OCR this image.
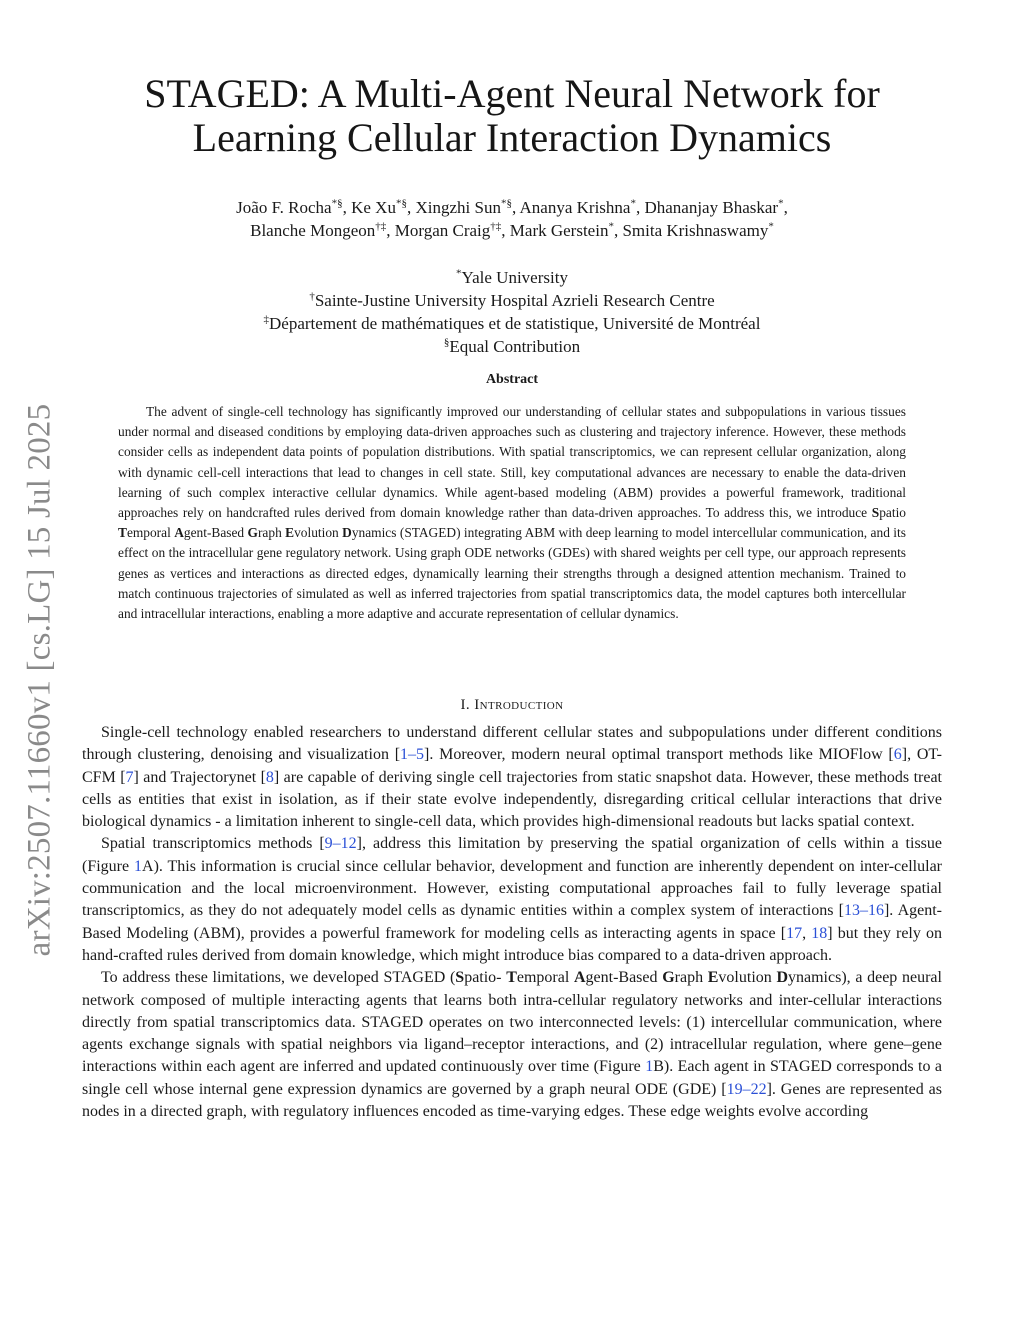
arXiv:2507.11660v1 [cs.LG] 15 Jul 2025
STAGED: A Multi-Agent Neural Network for
Learning Cellular Interaction Dynamics
João F. Rocha*§, Ke Xu*§, Xingzhi Sun*§, Ananya Krishna*, Dhananjay Bhaskar*,
Blanche Mongeon†‡, Morgan Craig†‡, Mark Gerstein*, Smita Krishnaswamy*
*Yale University
†Sainte-Justine University Hospital Azrieli Research Centre
‡Département de mathématiques et de statistique, Université de Montréal
§Equal Contribution
Abstract

The advent of single-cell technology has significantly improved our understanding of cellular states and subpopulations in various tissues under normal and diseased conditions by employing data-driven approaches such as clustering and trajectory inference. However, these methods consider cells as independent data points of population distributions. With spatial transcriptomics, we can represent cellular organization, along with dynamic cell-cell interactions that lead to changes in cell state. Still, key computational advances are necessary to enable the data-driven learning of such complex interactive cellular dynamics. While agent-based modeling (ABM) provides a powerful framework, traditional approaches rely on handcrafted rules derived from domain knowledge rather than data-driven approaches. To address this, we introduce Spatio Temporal Agent-Based Graph Evolution Dynamics (STAGED) integrating ABM with deep learning to model intercellular communication, and its effect on the intracellular gene regulatory network. Using graph ODE networks (GDEs) with shared weights per cell type, our approach represents genes as vertices and interactions as directed edges, dynamically learning their strengths through a designed attention mechanism. Trained to match continuous trajectories of simulated as well as inferred trajectories from spatial transcriptomics data, the model captures both intercellular and intracellular interactions, enabling a more adaptive and accurate representation of cellular dynamics.

I. Introduction

Single-cell technology enabled researchers to understand different cellular states and subpopulations under different conditions through clustering, denoising and visualization [1–5]. Moreover, modern neural optimal transport methods like MIOFlow [6], OT-CFM [7] and Trajectorynet [8] are capable of deriving single cell trajectories from static snapshot data. However, these methods treat cells as entities that exist in isolation, as if their state evolve independently, disregarding critical cellular interactions that drive biological dynamics - a limitation inherent to single-cell data, which provides high-dimensional readouts but lacks spatial context.

Spatial transcriptomics methods [9–12], address this limitation by preserving the spatial organization of cells within a tissue (Figure 1A). This information is crucial since cellular behavior, development and function are inherently dependent on inter-cellular communication and the local microenvironment. However, existing computational approaches fail to fully leverage spatial transcriptomics, as they do not adequately model cells as dynamic entities within a complex system of interactions [13–16]. Agent-Based Modeling (ABM), provides a powerful framework for modeling cells as interacting agents in space [17, 18] but they rely on hand-crafted rules derived from domain knowledge, which might introduce bias compared to a data-driven approach.

To address these limitations, we developed STAGED (Spatio- Temporal Agent-Based Graph Evolution Dynamics), a deep neural network composed of multiple interacting agents that learns both intra-cellular regulatory networks and inter-cellular interactions directly from spatial transcriptomics data. STAGED operates on two interconnected levels: (1) intercellular communication, where agents exchange signals with spatial neighbors via ligand–receptor interactions, and (2) intracellular regulation, where gene–gene interactions within each agent are inferred and updated continuously over time (Figure 1B). Each agent in STAGED corresponds to a single cell whose internal gene expression dynamics are governed by a graph neural ODE (GDE) [19–22]. Genes are represented as nodes in a directed graph, with regulatory influences encoded as time-varying edges. These edge weights evolve according
